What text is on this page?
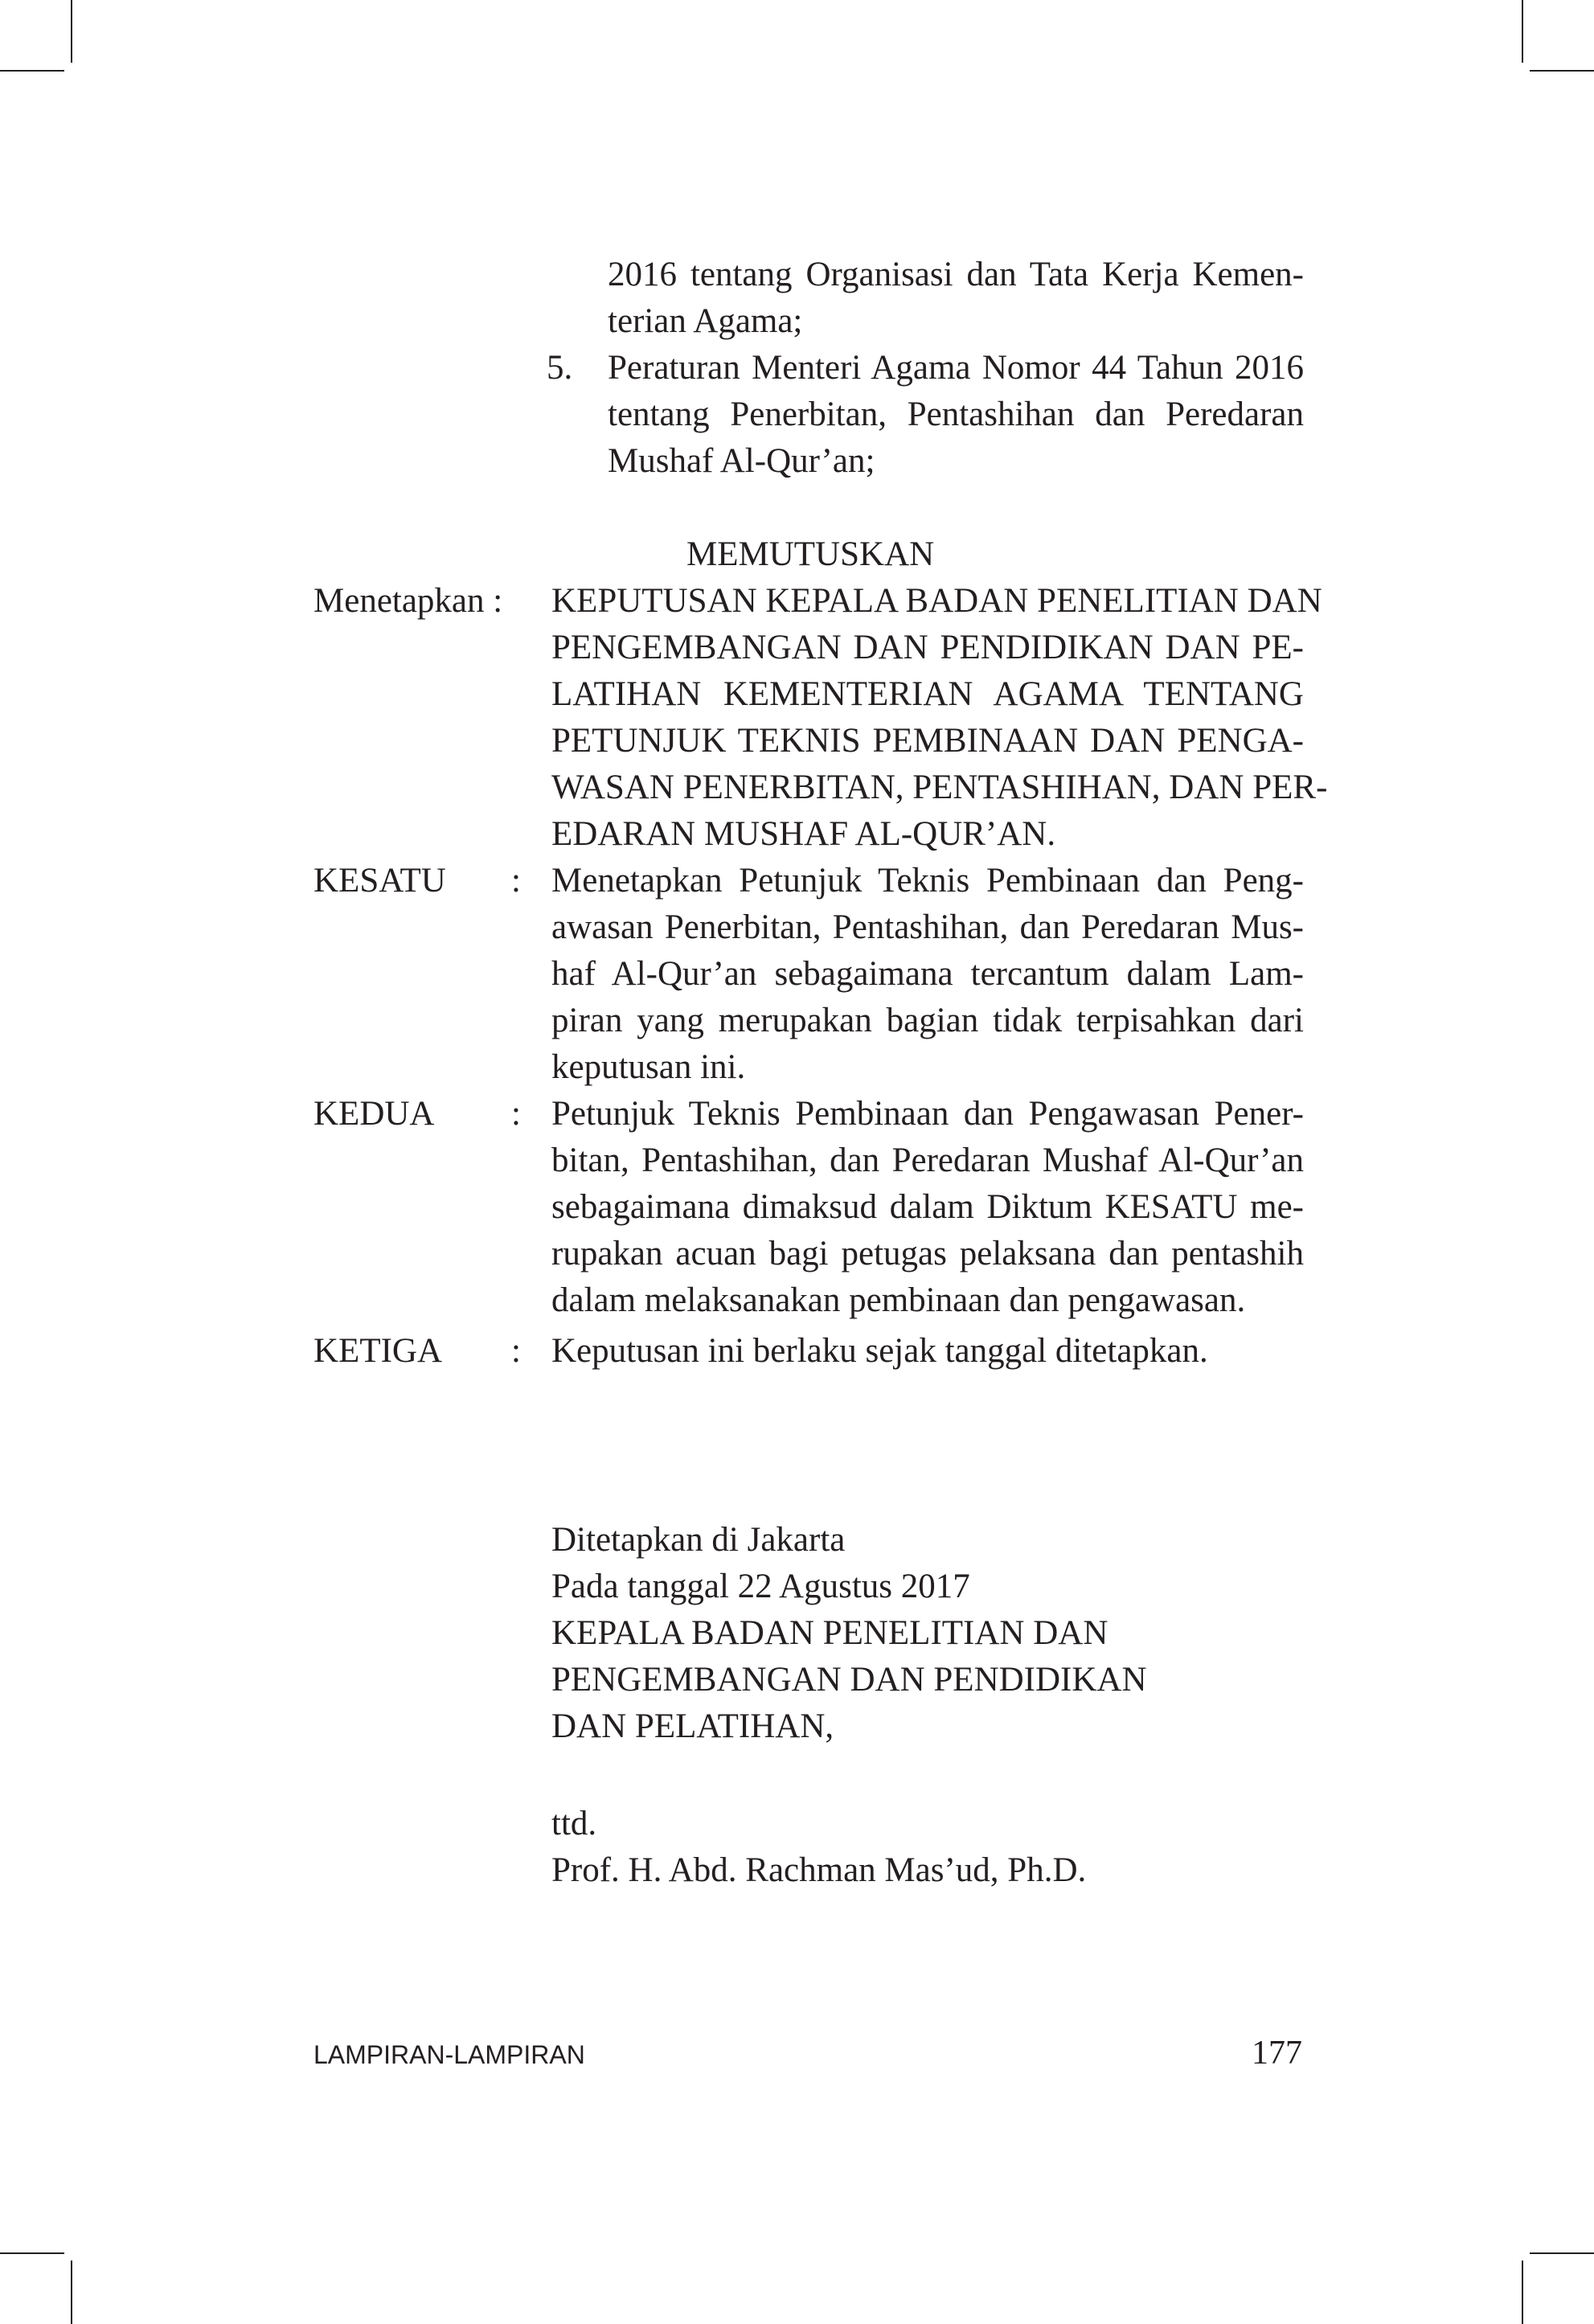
2016 tentang Organisasi dan Tata Kerja Kemen-
terian Agama;
5. Peraturan Menteri Agama Nomor 44 Tahun 2016
tentang Penerbitan, Pentashihan dan Peredaran
Mushaf Al-Qur’an;
MEMUTUSKAN
Menetapkan : KEPUTUSAN KEPALA BADAN PENELITIAN DAN
PENGEMBANGAN DAN PENDIDIKAN DAN PE-
LATIHAN KEMENTERIAN AGAMA TENTANG
PETUNJUK TEKNIS PEMBINAAN DAN PENGA-
WASAN PENERBITAN, PENTASHIHAN, DAN PER-
EDARAN MUSHAF AL-QUR’AN.
KESATU : Menetapkan Petunjuk Teknis Pembinaan dan Peng-
awasan Penerbitan, Pentashihan, dan Peredaran Mus-
haf Al-Qur’an sebagaimana tercantum dalam Lam-
piran yang merupakan bagian tidak terpisahkan dari
keputusan ini.
KEDUA : Petunjuk Teknis Pembinaan dan Pengawasan Pener-
bitan, Pentashihan, dan Peredaran Mushaf Al-Qur’an
sebagaimana dimaksud dalam Diktum KESATU me-
rupakan acuan bagi petugas pelaksana dan pentashih
dalam melaksanakan pembinaan dan pengawasan.
KETIGA : Keputusan ini berlaku sejak tanggal ditetapkan.
Ditetapkan di Jakarta
Pada tanggal 22 Agustus 2017
KEPALA BADAN PENELITIAN DAN
PENGEMBANGAN DAN PENDIDIKAN
DAN PELATIHAN,
ttd.
Prof. H. Abd. Rachman Mas’ud, Ph.D.
LAMPIRAN-LAMPIRAN	177
